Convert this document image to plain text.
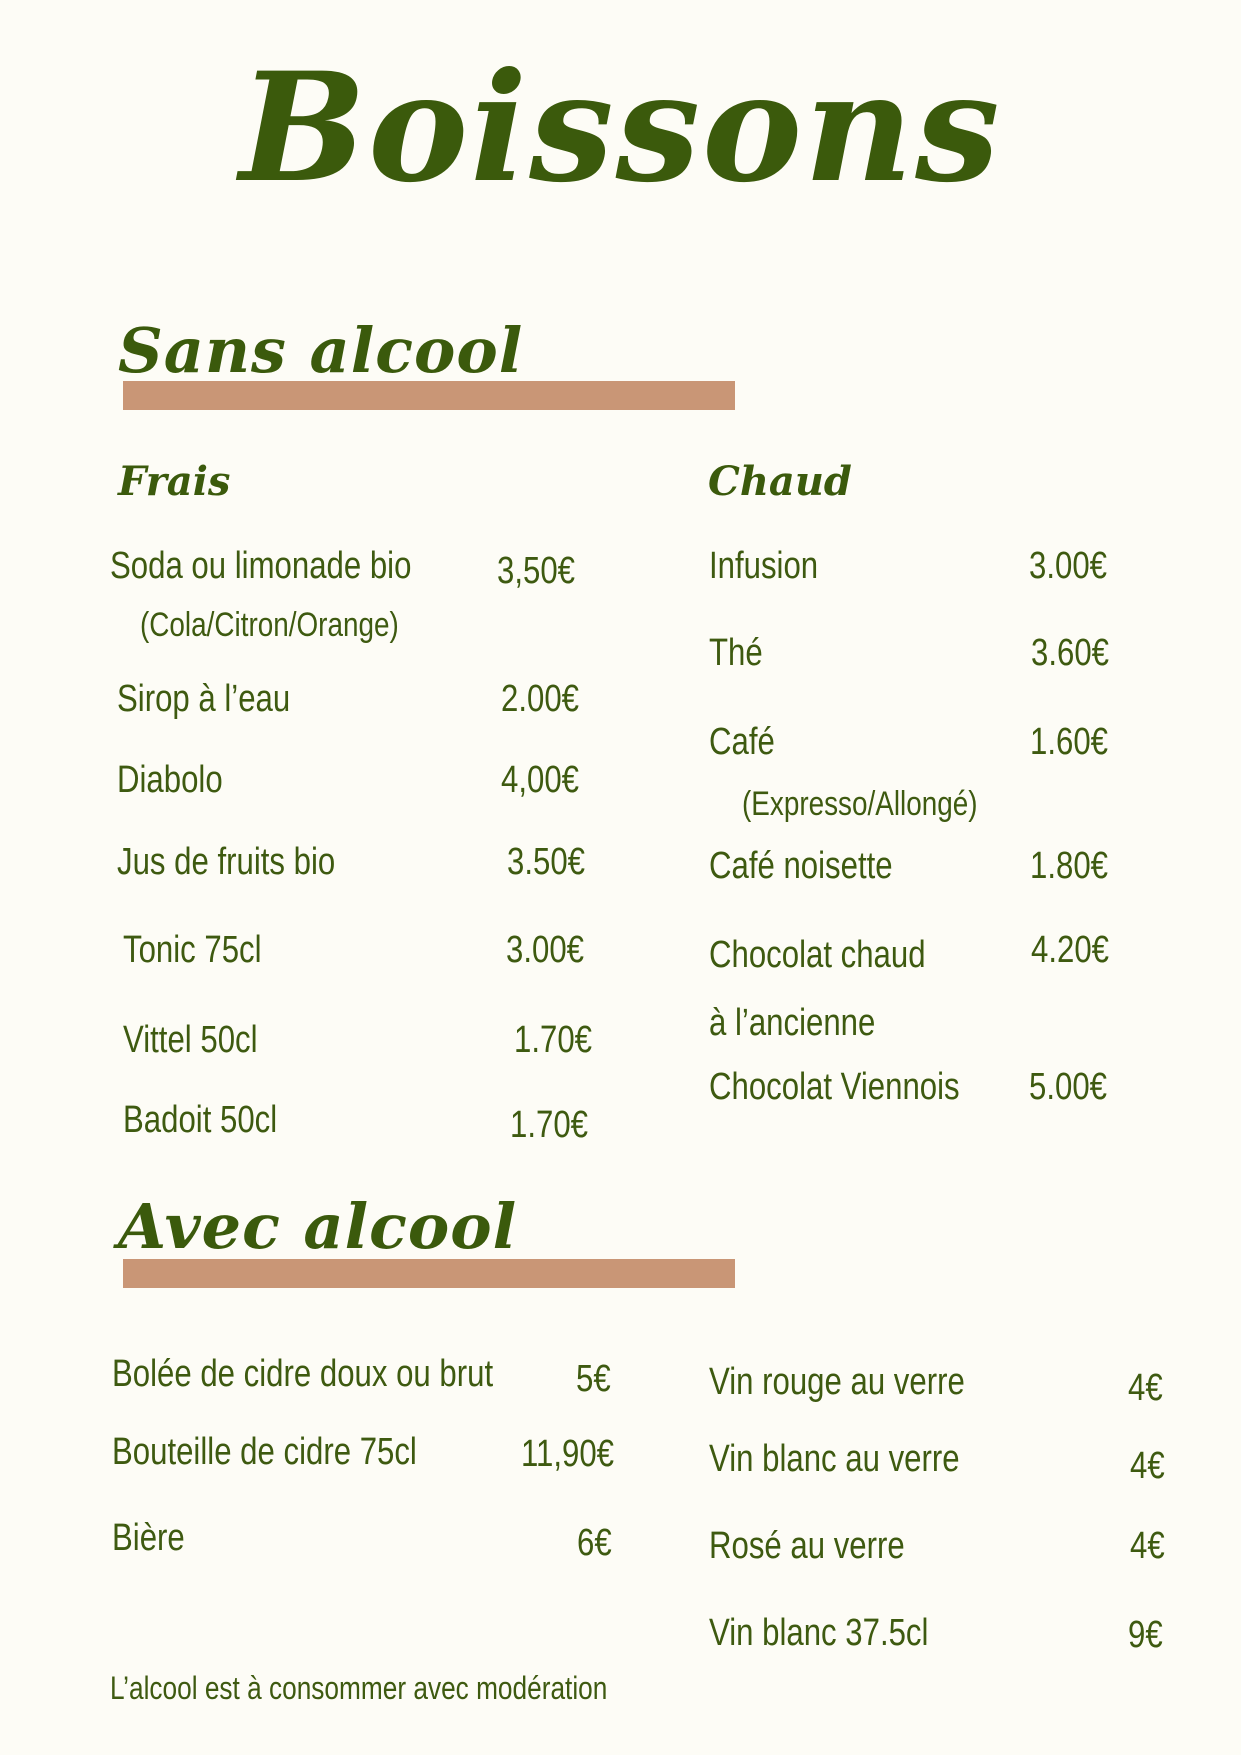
Boissons
Sans alcool
Frais	Chaud
Soda ou limonade bio 3,50€
(Cola/Citron/Orange)
Sirop à l’eau	2.00€
Diabolo	4,00€
Jus de fruits bio	3.50€
Tonic 75cl	3.00€
Vittel 50cl	1.70€
Badoit 50cl	1.70€
Infusion	3.00€
Thé	3.60€
Café	1.60€
(Expresso/Allongé)
Café noisette	1.80€
Chocolat chaud	4.20€
à l’ancienne
Chocolat Viennois 5.00€
Avec alcool
Bolée de cidre doux ou brut 5€
Bouteille de cidre 75cl	11,90€
Bière	6€
Vin rouge au verre	4€
Vin blanc au verre	4€
Rosé au verre	4€
Vin blanc 37.5cl	9€
L’alcool est à consommer avec modération
